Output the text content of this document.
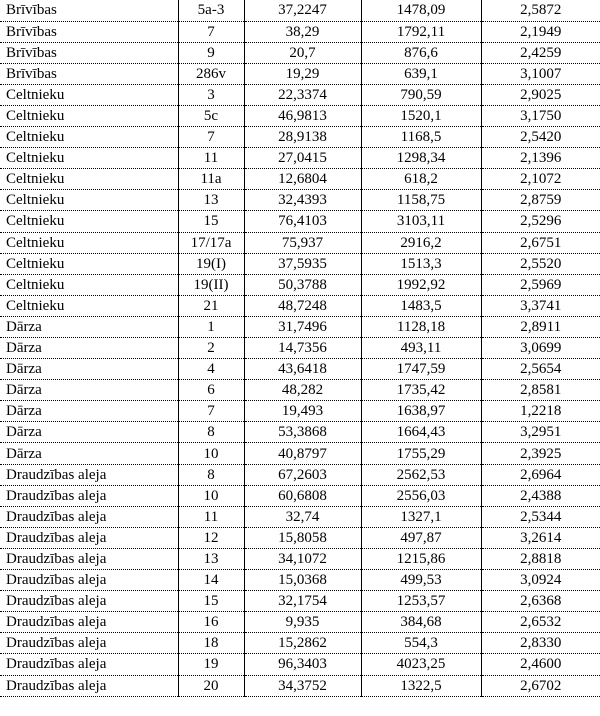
Brīvības	5a-3	37,2247	1478,09	2,5872
Brīvības	7	38,29	1792,11	2,1949
Brīvības	9	20,7	876,6	2,4259
Brīvības	286v	19,29	639,1	3,1007
Celtnieku	3	22,3374	790,59	2,9025
Celtnieku	5c	46,9813	1520,1	3,1750
Celtnieku	7	28,9138	1168,5	2,5420
Celtnieku	11	27,0415	1298,34	2,1396
Celtnieku	11a	12,6804	618,2	2,1072
Celtnieku	13	32,4393	1158,75	2,8759
Celtnieku	15	76,4103	3103,11	2,5296
Celtnieku	17/17a	75,937	2916,2	2,6751
Celtnieku	19(I)	37,5935	1513,3	2,5520
Celtnieku	19(II)	50,3788	1992,92	2,5969
Celtnieku	21	48,7248	1483,5	3,3741
Dārza	1	31,7496	1128,18	2,8911
Dārza	2	14,7356	493,11	3,0699
Dārza	4	43,6418	1747,59	2,5654
Dārza	6	48,282	1735,42	2,8581
Dārza	7	19,493	1638,97	1,2218
Dārza	8	53,3868	1664,43	3,2951
Dārza	10	40,8797	1755,29	2,3925
Draudzības aleja	8	67,2603	2562,53	2,6964
Draudzības aleja	10	60,6808	2556,03	2,4388
Draudzības aleja	11	32,74	1327,1	2,5344
Draudzības aleja	12	15,8058	497,87	3,2614
Draudzības aleja	13	34,1072	1215,86	2,8818
Draudzības aleja	14	15,0368	499,53	3,0924
Draudzības aleja	15	32,1754	1253,57	2,6368
Draudzības aleja	16	9,935	384,68	2,6532
Draudzības aleja	18	15,2862	554,3	2,8330
Draudzības aleja	19	96,3403	4023,25	2,4600
Draudzības aleja	20	34,3752	1322,5	2,6702
